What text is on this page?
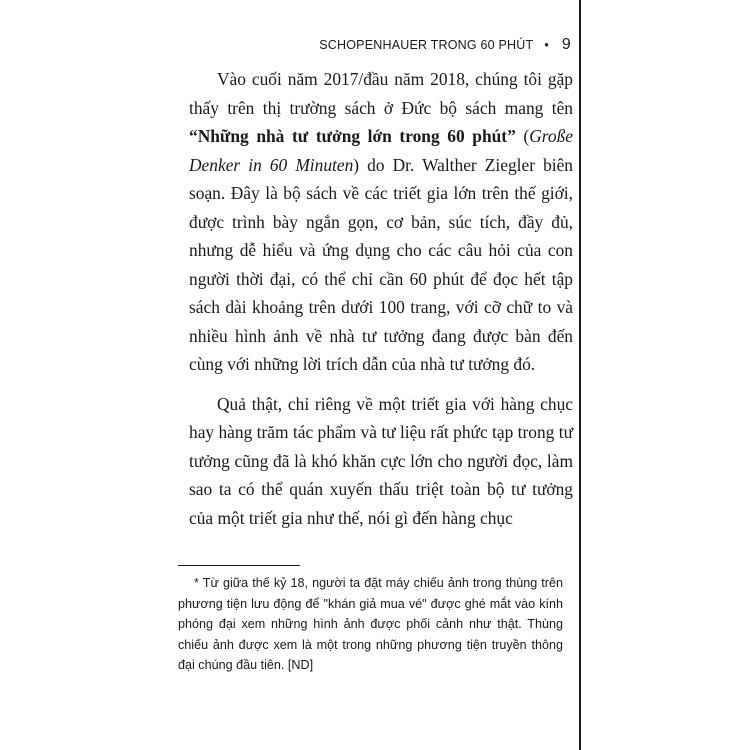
SCHOPENHAUER TRONG 60 PHÚT • 9

Vào cuối năm 2017/đầu năm 2018, chúng tôi gặp thấy trên thị trường sách ở Đức bộ sách mang tên “Những nhà tư tưởng lớn trong 60 phút” (Große Denker in 60 Minuten) do Dr. Walther Ziegler biên soạn. Đây là bộ sách về các triết gia lớn trên thế giới, được trình bày ngắn gọn, cơ bản, súc tích, đầy đủ, nhưng dễ hiểu và ứng dụng cho các câu hỏi của con người thời đại, có thể chỉ cần 60 phút để đọc hết tập sách dài khoảng trên dưới 100 trang, với cỡ chữ to và nhiều hình ảnh về nhà tư tưởng đang được bàn đến cùng với những lời trích dẫn của nhà tư tưởng đó.

Quả thật, chỉ riêng về một triết gia với hàng chục hay hàng trăm tác phẩm và tư liệu rất phức tạp trong tư tưởng cũng đã là khó khăn cực lớn cho người đọc, làm sao ta có thể quán xuyến thấu triệt toàn bộ tư tưởng của một triết gia như thế, nói gì đến hàng chục

* Từ giữa thế kỷ 18, người ta đặt máy chiếu ảnh trong thùng trên phương tiện lưu động để "khán giả mua vé" được ghé mắt vào kính phóng đại xem những hình ảnh được phối cảnh như thật. Thùng chiếu ảnh được xem là một trong những phương tiện truyền thông đại chúng đầu tiên. [ND]
